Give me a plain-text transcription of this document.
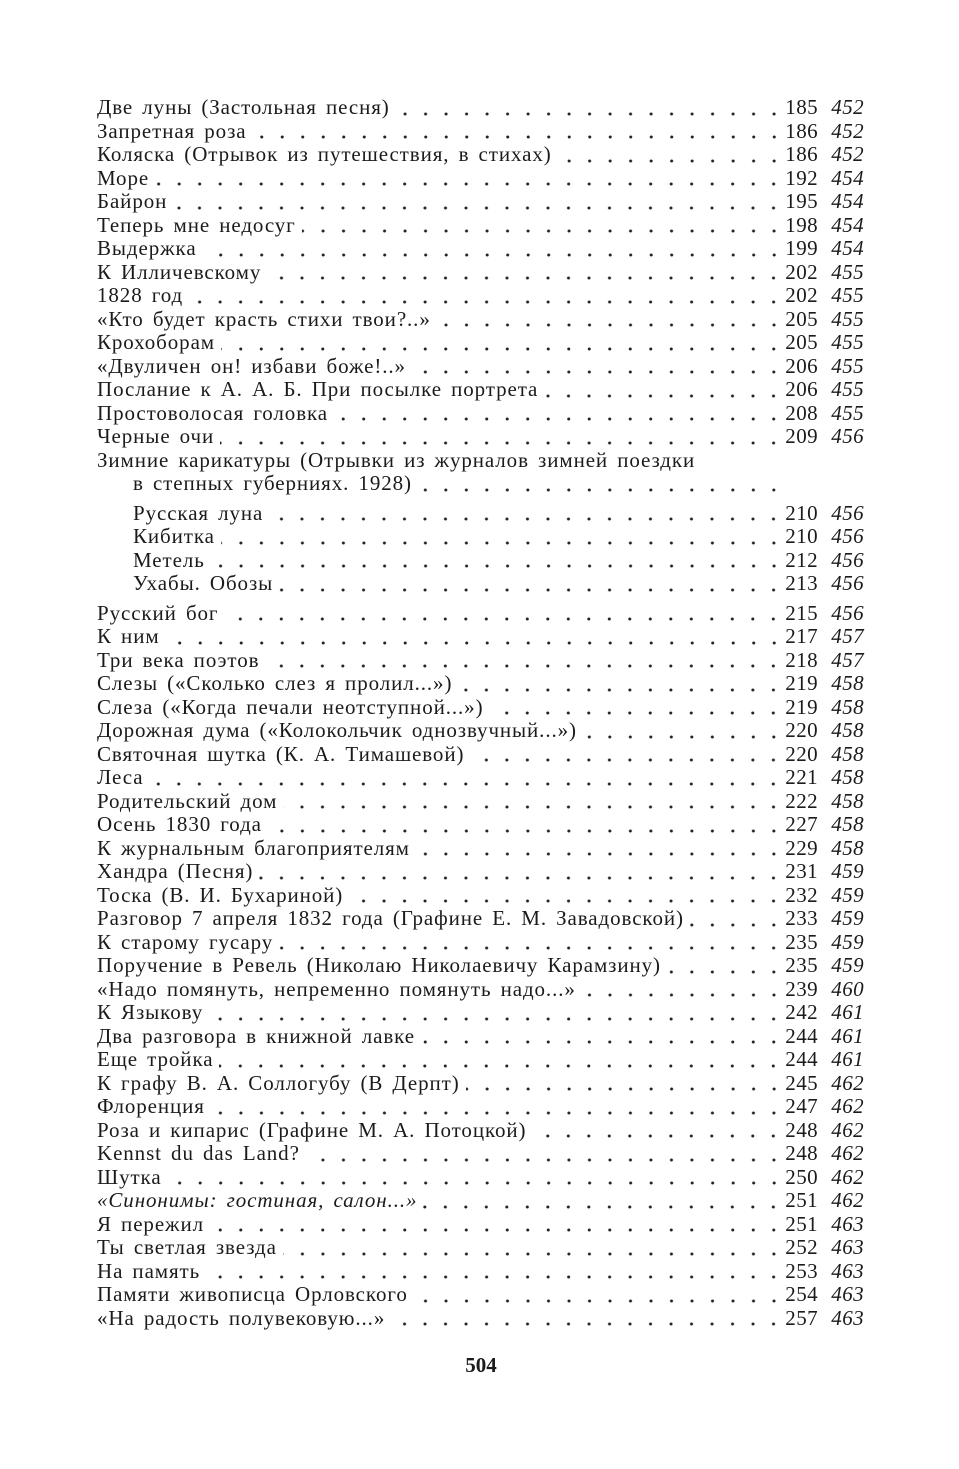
Две луны (Застольная песня)	185 452
Запретная роза	186 452
Коляска (Отрывок из путешествия, в стихах)	186 452
Море	192 454
Байрон	195 454
Теперь мне недосуг	198 454
Выдержка	199 454
К Илличевскому	202 455
1828 год	202 455
«Кто будет красть стихи твои?..»	205 455
Крохоборам	205 455
«Двуличен он! избави боже!..»	206 455
Послание к А. А. Б. При посылке портрета	206 455
Простоволосая головка	208 455
Черные очи	209 456
Зимние карикатуры (Отрывки из журналов зимней поездки
в степных губерниях. 1928)
Русская луна	210 456
Кибитка	210 456
Метель	212 456
Ухабы. Обозы	213 456
Русский бог	215 456
К ним	217 457
Три века поэтов	218 457
Слезы («Сколько слез я пролил...»)	219 458
Слеза («Когда печали неотступной...»)	219 458
Дорожная дума («Колокольчик однозвучный...»)	220 458
Святочная шутка (К. А. Тимашевой)	220 458
Леса	221 458
Родительский дом	222 458
Осень 1830 года	227 458
К журнальным благоприятелям	229 458
Хандра (Песня)	231 459
Тоска (В. И. Бухариной)	232 459
Разговор 7 апреля 1832 года (Графине Е. М. Завадовской)	233 459
К старому гусару	235 459
Поручение в Ревель (Николаю Николаевичу Карамзину)	235 459
«Надо помянуть, непременно помянуть надо...»	239 460
К Языкову	242 461
Два разговора в книжной лавке	244 461
Еще тройка	244 461
К графу В. А. Соллогубу (В Дерпт)	245 462
Флоренция	247 462
Роза и кипарис (Графине М. А. Потоцкой)	248 462
Kennst du das Land?	248 462
Шутка	250 462
«Синонимы: гостиная, салон...»	251 462
Я пережил	251 463
Ты светлая звезда	252 463
На память	253 463
Памяти живописца Орловского	254 463
«На радость полувековую...»	257 463
504
